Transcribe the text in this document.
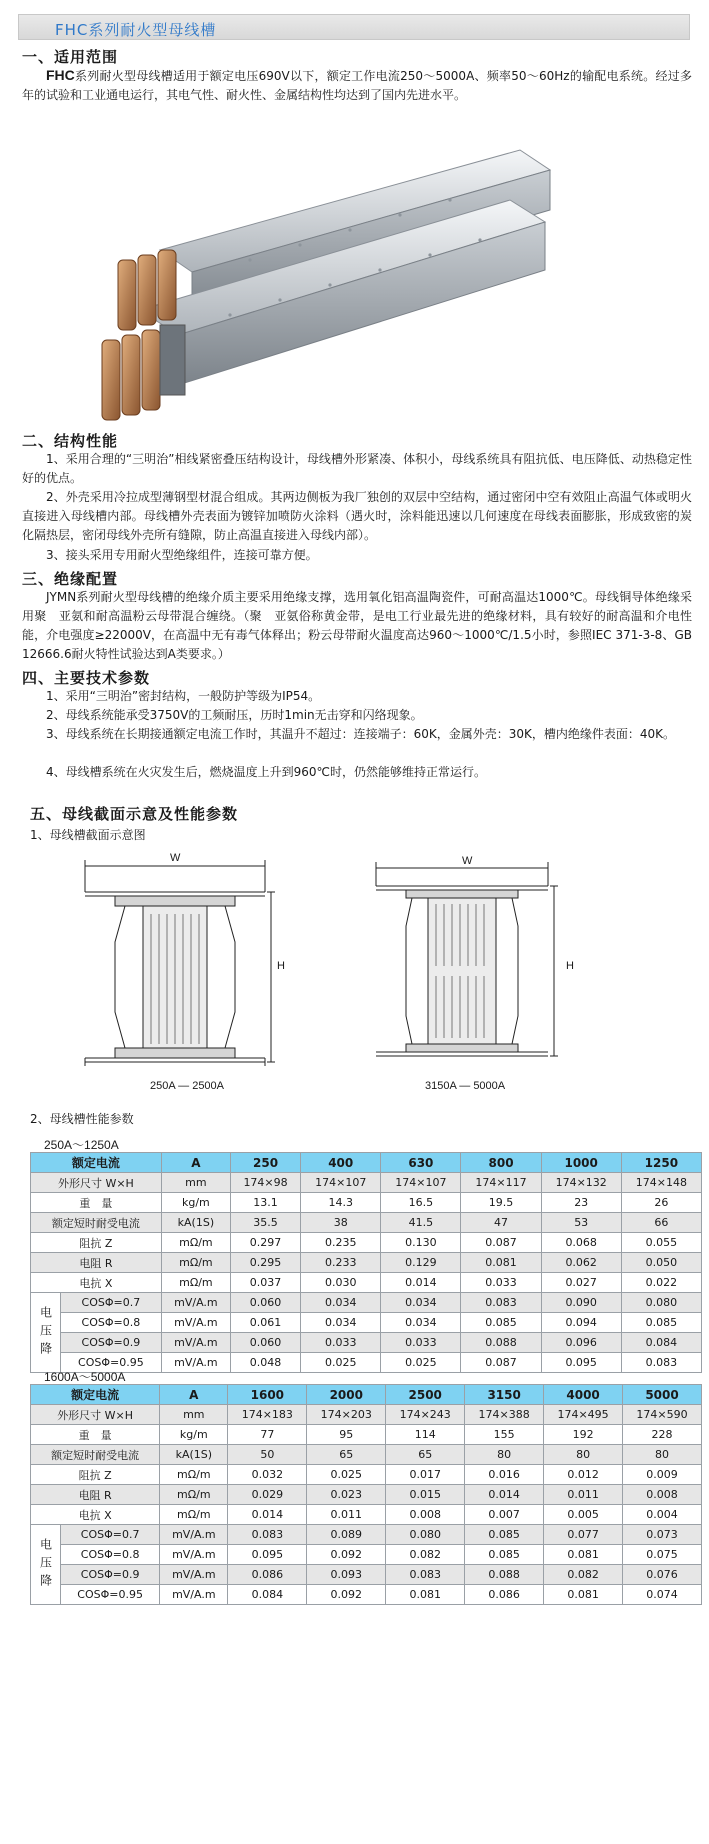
FHC系列耐火型母线槽
一、适用范围
FHC系列耐火型母线槽适用于额定电压690V以下，额定工作电流250～5000A、频率50～60Hz的输配电系统。经过多年的试验和工业通电运行，其电气性、耐火性、金属结构性均达到了国内先进水平。
二、结构性能
1、采用合理的“三明治”相线紧密叠压结构设计，母线槽外形紧凑、体积小，母线系统具有阻抗低、电压降低、动热稳定性好的优点。
2、外壳采用冷拉成型薄钢型材混合组成。其两边侧板为我厂独创的双层中空结构，通过密闭中空有效阻止高温气体或明火直接进入母线槽内部。母线槽外壳表面为镀锌加喷防火涂料（遇火时，涂料能迅速以几何速度在母线表面膨胀，形成致密的炭化隔热层，密闭母线外壳所有缝隙，防止高温直接进入母线内部）。
3、接头采用专用耐火型绝缘组件，连接可靠方便。
三、绝缘配置
JYMN系列耐火型母线槽的绝缘介质主要采用绝缘支撑，选用氧化铝高温陶瓷件，可耐高温达1000℃。母线铜导体绝缘采用聚　亚氨和耐高温粉云母带混合缠绕。（聚　亚氨俗称黄金带，是电工行业最先进的绝缘材料，具有较好的耐高温和介电性能，介电强度≥22000V，在高温中无有毒气体释出；粉云母带耐火温度高达960～1000℃/1.5小时，参照IEC 371-3-8、GB 12666.6耐火特性试验达到A类要求。）
四、主要技术参数
1、采用“三明治”密封结构，一般防护等级为IP54。
2、母线系统能承受3750V的工频耐压，历时1min无击穿和闪络现象。
3、母线系统在长期接通额定电流工作时，其温升不超过：连接端子：60K，金属外壳：30K，槽内绝缘件表面：40K。
4、母线槽系统在火灾发生后，燃烧温度上升到960℃时，仍然能够维持正常运行。
五、母线截面示意及性能参数
1、母线槽截面示意图
W
H
250A — 2500A
W
H
3150A — 5000A
2、母线槽性能参数
250A～1250A
额定电流		A	250	400	630	800	1000	1250
外形尺寸 W×H		mm	174×98	174×107	174×107	174×117	174×132	174×148
重　量		kg/m	13.1	14.3	16.5	19.5	23	26
额定短时耐受电流		kA(1S)	35.5	38	41.5	47	53	66
阻抗 Z		mΩ/m	0.297	0.235	0.130	0.087	0.068	0.055
电阻 R		mΩ/m	0.295	0.233	0.129	0.081	0.062	0.050
电抗 X		mΩ/m	0.037	0.030	0.014	0.033	0.027	0.022
电压降	COSΦ=0.7	mV/A.m	0.060	0.034	0.034	0.083	0.090	0.080
	COSΦ=0.8	mV/A.m	0.061	0.034	0.034	0.085	0.094	0.085
	COSΦ=0.9	mV/A.m	0.060	0.033	0.033	0.088	0.096	0.084
	COSΦ=0.95	mV/A.m	0.048	0.025	0.025	0.087	0.095	0.083
1600A～5000A
额定电流		A	1600	2000	2500	3150	4000	5000
外形尺寸 W×H		mm	174×183	174×203	174×243	174×388	174×495	174×590
重　量		kg/m	77	95	114	155	192	228
额定短时耐受电流		kA(1S)	50	65	65	80	80	80
阻抗 Z		mΩ/m	0.032	0.025	0.017	0.016	0.012	0.009
电阻 R		mΩ/m	0.029	0.023	0.015	0.014	0.011	0.008
电抗 X		mΩ/m	0.014	0.011	0.008	0.007	0.005	0.004
电压降	COSΦ=0.7	mV/A.m	0.083	0.089	0.080	0.085	0.077	0.073
	COSΦ=0.8	mV/A.m	0.095	0.092	0.082	0.085	0.081	0.075
	COSΦ=0.9	mV/A.m	0.086	0.093	0.083	0.088	0.082	0.076
	COSΦ=0.95	mV/A.m	0.084	0.092	0.081	0.086	0.081	0.074
